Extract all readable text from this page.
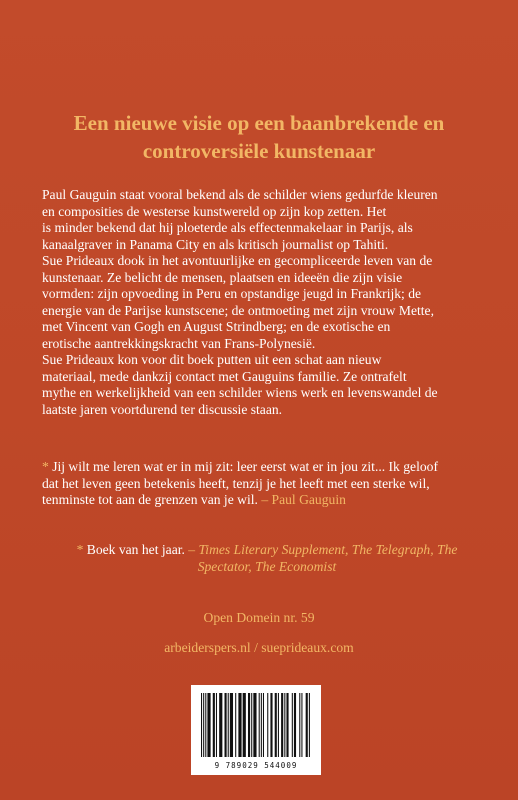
Een nieuwe visie op een baanbrekende en
controversiële kunstenaar

Paul Gauguin staat vooral bekend als de schilder wiens gedurfde kleuren
en composities de westerse kunstwereld op zijn kop zetten. Het
is minder bekend dat hij ploeterde als effectenmakelaar in Parijs, als
kanaalgraver in Panama City en als kritisch journalist op Tahiti.
Sue Prideaux dook in het avontuurlijke en gecompliceerde leven van de
kunstenaar. Ze belicht de mensen, plaatsen en ideeën die zijn visie
vormden: zijn opvoeding in Peru en opstandige jeugd in Frankrijk; de
energie van de Parijse kunstscene; de ontmoeting met zijn vrouw Mette,
met Vincent van Gogh en August Strindberg; en de exotische en
erotische aantrekkingskracht van Frans-Polynesië.
Sue Prideaux kon voor dit boek putten uit een schat aan nieuw
materiaal, mede dankzij contact met Gauguins familie. Ze ontrafelt
mythe en werkelijkheid van een schilder wiens werk en levenswandel de
laatste jaren voortdurend ter discussie staan.

* Jij wilt me leren wat er in mij zit: leer eerst wat er in jou zit... Ik geloof
dat het leven geen betekenis heeft, tenzij je het leeft met een sterke wil,
tenminste tot aan de grenzen van je wil. – Paul Gauguin

* Boek van het jaar. – Times Literary Supplement, The Telegraph, The
Spectator, The Economist

Open Domein nr. 59
arbeiderspers.nl / sueprideaux.com
9 789029 544009
